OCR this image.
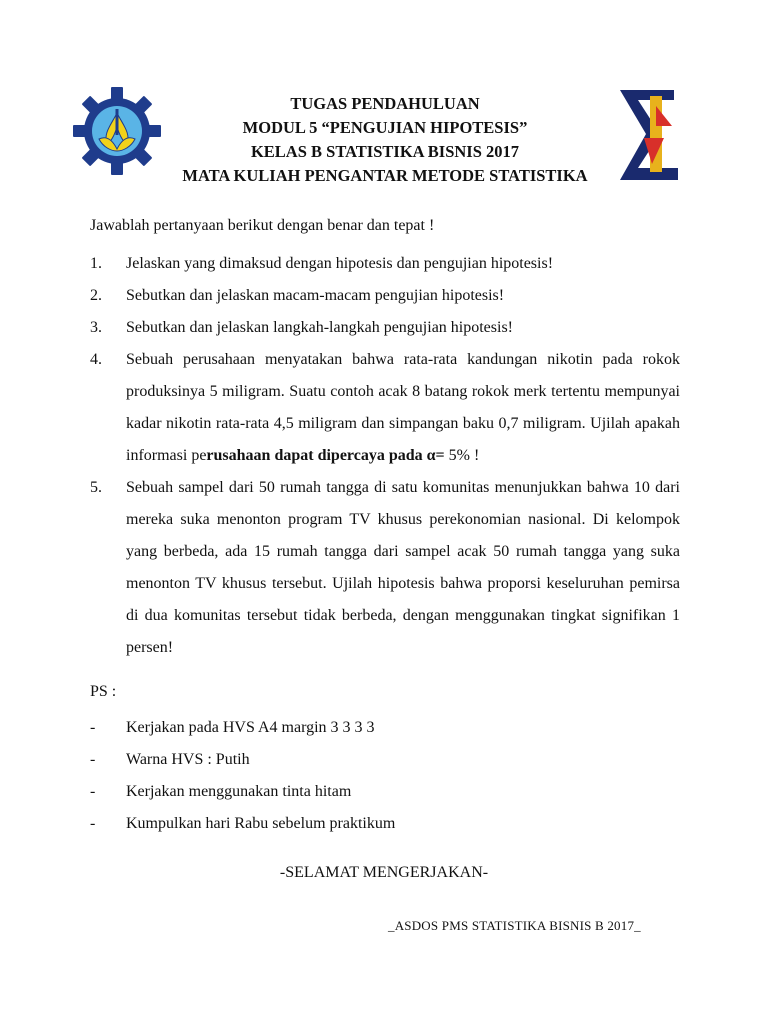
TUGAS PENDAHULUAN
MODUL 5 “PENGUJIAN HIPOTESIS”
KELAS B STATISTIKA BISNIS 2017
MATA KULIAH PENGANTAR METODE STATISTIKA
Jawablah pertanyaan berikut dengan benar dan tepat !
1. Jelaskan yang dimaksud dengan hipotesis dan pengujian hipotesis!
2. Sebutkan dan jelaskan macam-macam pengujian hipotesis!
3. Sebutkan dan jelaskan langkah-langkah pengujian hipotesis!
4. Sebuah perusahaan menyatakan bahwa rata-rata kandungan nikotin pada rokok produksinya 5 miligram. Suatu contoh acak 8 batang rokok merk tertentu mempunyai kadar nikotin rata-rata 4,5 miligram dan simpangan baku 0,7 miligram. Ujilah apakah informasi perusahaan dapat dipercaya pada α= 5% !
5. Sebuah sampel dari 50 rumah tangga di satu komunitas menunjukkan bahwa 10 dari mereka suka menonton program TV khusus perekonomian nasional. Di kelompok yang berbeda, ada 15 rumah tangga dari sampel acak 50 rumah tangga yang suka menonton TV khusus tersebut. Ujilah hipotesis bahwa proporsi keseluruhan pemirsa di dua komunitas tersebut tidak berbeda, dengan menggunakan tingkat signifikan 1 persen!
PS :
- Kerjakan pada HVS A4 margin 3 3 3 3
- Warna HVS : Putih
- Kerjakan menggunakan tinta hitam
- Kumpulkan hari Rabu sebelum praktikum
-SELAMAT MENGERJAKAN-
_ASDOS PMS STATISTIKA BISNIS B 2017_
